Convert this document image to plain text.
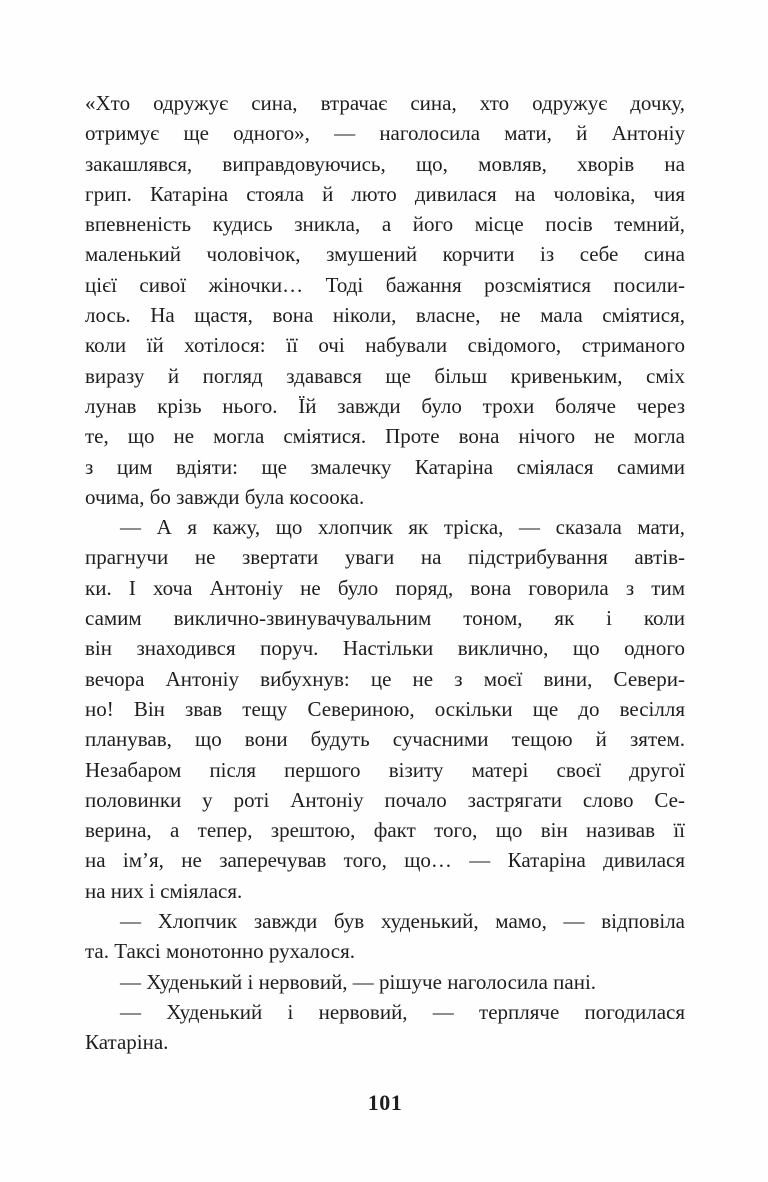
«Хто одружує сина, втрачає сина, хто одружує дочку,
отримує ще одного», — наголосила мати, й Антоніу
закашлявся, виправдовуючись, що, мовляв, хворів на
грип. Катаріна стояла й люто дивилася на чоловіка, чия
впевненість кудись зникла, а його місце посів темний,
маленький чоловічок, змушений корчити із себе сина
цієї сивої жіночки… Тоді бажання розсміятися посили-
лось. На щастя, вона ніколи, власне, не мала сміятися,
коли їй хотілося: її очі набували свідомого, стриманого
виразу й погляд здавався ще більш кривеньким, сміх
лунав крізь нього. Їй завжди було трохи боляче через
те, що не могла сміятися. Проте вона нічого не могла
з цим вдіяти: ще змалечку Катаріна сміялася самими
очима, бо завжди була косоока.
— А я кажу, що хлопчик як тріска, — сказала мати,
прагнучи не звертати уваги на підстрибування автів-
ки. І хоча Антоніу не було поряд, вона говорила з тим
самим виклично-звинувачувальним тоном, як і коли
він знаходився поруч. Настільки виклично, що одного
вечора Антоніу вибухнув: це не з моєї вини, Севери-
но! Він звав тещу Севериною, оскільки ще до весілля
планував, що вони будуть сучасними тещою й зятем.
Незабаром після першого візиту матері своєї другої
половинки у роті Антоніу почало застрягати слово Се-
верина, а тепер, зрештою, факт того, що він називав її
на ім’я, не заперечував того, що… — Катаріна дивилася
на них і сміялася.
— Хлопчик завжди був худенький, мамо, — відповіла
та. Таксі монотонно рухалося.
— Худенький і нервовий, — рішуче наголосила пані.
— Худенький і нервовий, — терпляче погодилася
Катаріна.
101
